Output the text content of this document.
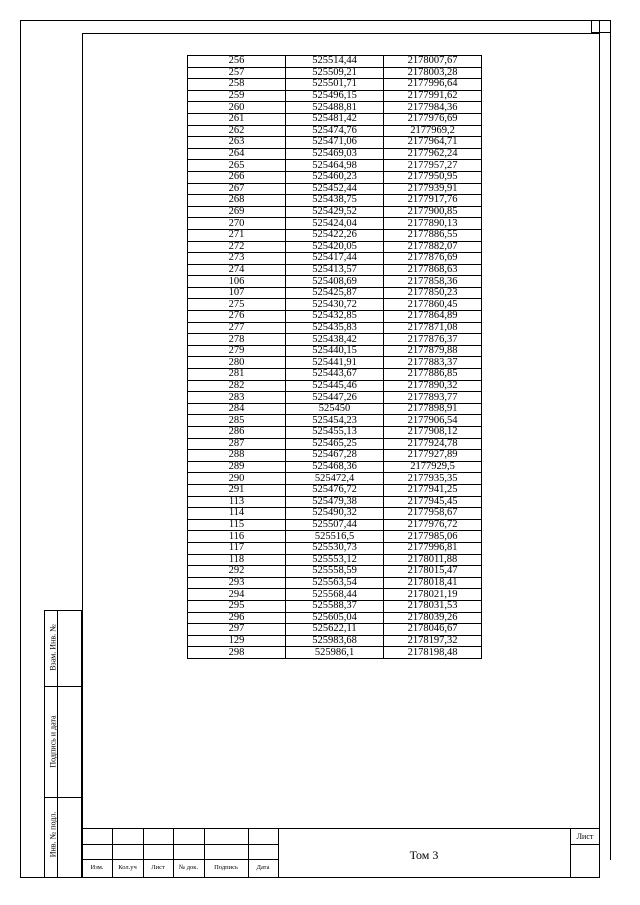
256	525514,44	2178007,67
257	525509,21	2178003,28
258	525501,71	2177996,64
259	525496,15	2177991,62
260	525488,81	2177984,36
261	525481,42	2177976,69
262	525474,76	2177969,2
263	525471,06	2177964,71
264	525469,03	2177962,24
265	525464,98	2177957,27
266	525460,23	2177950,95
267	525452,44	2177939,91
268	525438,75	2177917,76
269	525429,52	2177900,85
270	525424,04	2177890,13
271	525422,26	2177886,55
272	525420,05	2177882,07
273	525417,44	2177876,69
274	525413,57	2177868,63
106	525408,69	2177858,36
107	525425,87	2177850,23
275	525430,72	2177860,45
276	525432,85	2177864,89
277	525435,83	2177871,08
278	525438,42	2177876,37
279	525440,15	2177879,88
280	525441,91	2177883,37
281	525443,67	2177886,85
282	525445,46	2177890,32
283	525447,26	2177893,77
284	525450	2177898,91
285	525454,23	2177906,54
286	525455,13	2177908,12
287	525465,25	2177924,78
288	525467,28	2177927,89
289	525468,36	2177929,5
290	525472,4	2177935,35
291	525476,72	2177941,25
113	525479,38	2177945,45
114	525490,32	2177958,67
115	525507,44	2177976,72
116	525516,5	2177985,06
117	525530,73	2177996,81
118	525553,12	2178011,88
292	525558,59	2178015,47
293	525563,54	2178018,41
294	525568,44	2178021,19
295	525588,37	2178031,53
296	525605,04	2178039,26
297	525622,11	2178046,67
129	525983,68	2178197,32
298	525986,1	2178198,48
Взам. Инв. №
Подпись и дата
Инв. № подл.
Изм.	Кол.уч	Лист	№ док.	Подпись	Дата
Том 3
Лист
